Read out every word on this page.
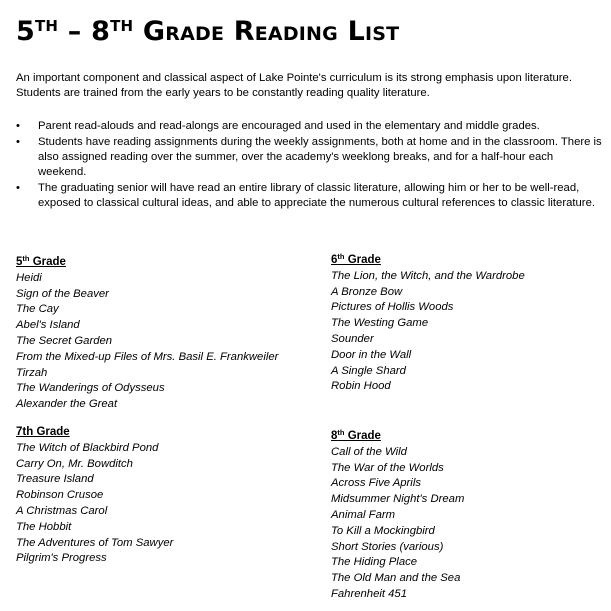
5TH – 8TH GRADE READING LIST

An important component and classical aspect of Lake Pointe's curriculum is its strong emphasis upon literature. Students are trained from the early years to be constantly reading quality literature.

• Parent read-alouds and read-alongs are encouraged and used in the elementary and middle grades.
• Students have reading assignments during the weekly assignments, both at home and in the classroom. There is also assigned reading over the summer, over the academy's weeklong breaks, and for a half-hour each weekend.
• The graduating senior will have read an entire library of classic literature, allowing him or her to be well-read, exposed to classical cultural ideas, and able to appreciate the numerous cultural references to classic literature.
5th Grade
Heidi
Sign of the Beaver
The Cay
Abel's Island
The Secret Garden
From the Mixed-up Files of Mrs. Basil E. Frankweiler
Tirzah
The Wanderings of Odysseus
Alexander the Great
6th Grade
The Lion, the Witch, and the Wardrobe
A Bronze Bow
Pictures of Hollis Woods
The Westing Game
Sounder
Door in the Wall
A Single Shard
Robin Hood
7th Grade
The Witch of Blackbird Pond
Carry On, Mr. Bowditch
Treasure Island
Robinson Crusoe
A Christmas Carol
The Hobbit
The Adventures of Tom Sawyer
Pilgrim's Progress
8th Grade
Call of the Wild
The War of the Worlds
Across Five Aprils
Midsummer Night's Dream
Animal Farm
To Kill a Mockingbird
Short Stories (various)
The Hiding Place
The Old Man and the Sea
Fahrenheit 451
